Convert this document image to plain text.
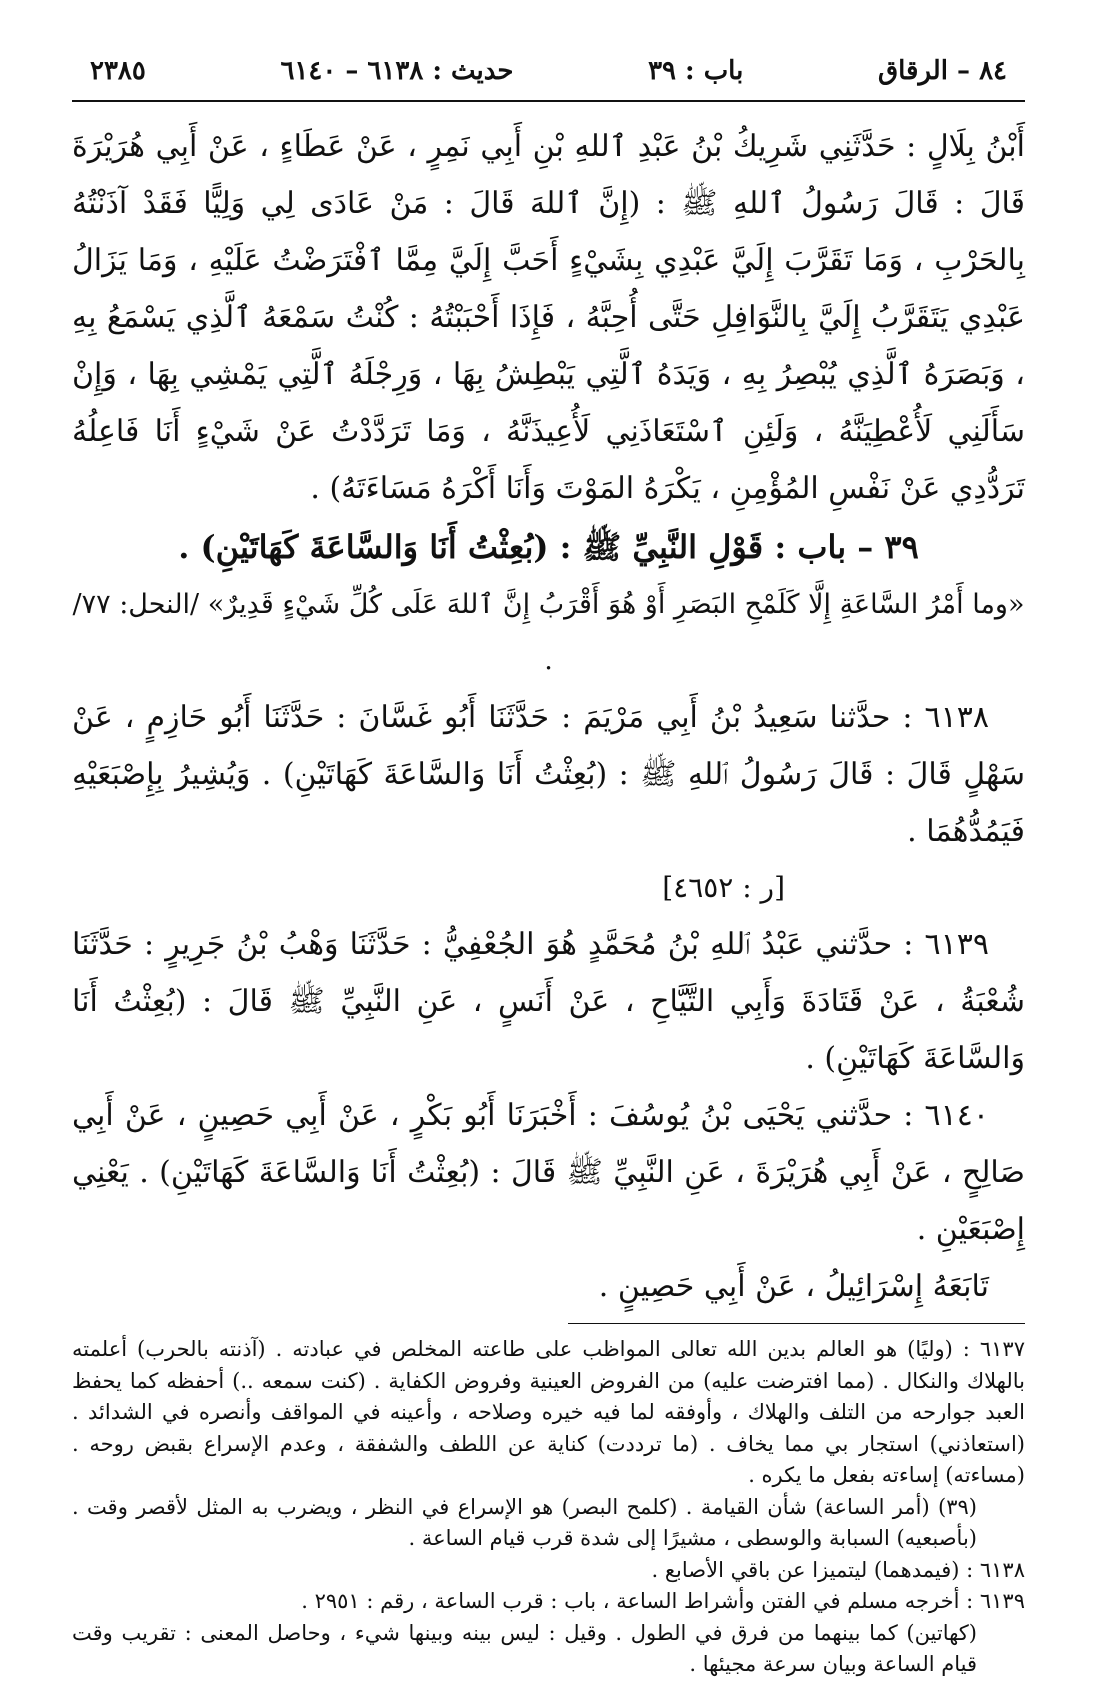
٨٤ – الرقاق
باب : ٣٩
حديث : ٦١٣٨ – ٦١٤٠
٢٣٨٥

أَبْنُ بِلَالٍ : حَدَّثَنِي شَرِيكُ بْنُ عَبْدِ ٱللهِ بْنِ أَبِي نَمِرٍ ، عَنْ عَطَاءٍ ، عَنْ أَبِي هُرَيْرَةَ قَالَ : قَالَ رَسُولُ ٱللهِ ﷺ : (إِنَّ ٱللهَ قَالَ : مَنْ عَادَى لِي وَلِيًّا فَقَدْ آذَنْتُهُ بِالحَرْبِ ، وَمَا تَقَرَّبَ إِلَيَّ عَبْدِي بِشَيْءٍ أَحَبَّ إِلَيَّ مِمَّا ٱفْتَرَضْتُ عَلَيْهِ ، وَمَا يَزَالُ عَبْدِي يَتَقَرَّبُ إِلَيَّ بِالنَّوَافِلِ حَتَّى أُحِبَّهُ ، فَإِذَا أَحْبَبْتُهُ : كُنْتُ سَمْعَهُ ٱلَّذِي يَسْمَعُ بِهِ ، وَبَصَرَهُ ٱلَّذِي يُبْصِرُ بِهِ ، وَيَدَهُ ٱلَّتِي يَبْطِشُ بِهَا ، وَرِجْلَهُ ٱلَّتِي يَمْشِي بِهَا ، وَإِنْ سَأَلَنِي لَأُعْطِيَنَّهُ ، وَلَئِنِ ٱسْتَعَاذَنِي لَأُعِيذَنَّهُ ، وَمَا تَرَدَّدْتُ عَنْ شَيْءٍ أَنَا فَاعِلُهُ تَرَدُّدِي عَنْ نَفْسِ المُؤْمِنِ ، يَكْرَهُ المَوْتَ وَأَنَا أَكْرَهُ مَسَاءَتَهُ) .

٣٩ – باب : قَوْلِ النَّبِيِّ ﷺ : (بُعِثْتُ أَنَا وَالسَّاعَةَ كَهَاتَيْنِ) .

«وما أَمْرُ السَّاعَةِ إِلَّا كَلَمْحِ البَصَرِ أَوْ هُوَ أَقْرَبُ إِنَّ ٱللهَ عَلَى كُلِّ شَيْءٍ قَدِيرٌ» /النحل: ٧٧/ .

٦١٣٨ : حدَّثنا سَعِيدُ بْنُ أَبِي مَرْيَمَ : حَدَّثَنَا أَبُو غَسَّانَ : حَدَّثَنَا أَبُو حَازِمٍ ، عَنْ سَهْلٍ قَالَ : قَالَ رَسُولُ ٱللهِ ﷺ : (بُعِثْتُ أَنَا وَالسَّاعَةَ كَهَاتَيْنِ) . وَيُشِيرُ بِإِصْبَعَيْهِ فَيَمُدُّهُمَا .

[ر : ٤٦٥٢]

٦١٣٩ : حدَّثني عَبْدُ ٱللهِ بْنُ مُحَمَّدٍ هُوَ الجُعْفِيُّ : حَدَّثَنَا وَهْبُ بْنُ جَرِيرٍ : حَدَّثَنَا شُعْبَةُ ، عَنْ قَتَادَةَ وَأَبِي التَّيَّاحِ ، عَنْ أَنَسٍ ، عَنِ النَّبِيِّ ﷺ قَالَ : (بُعِثْتُ أَنَا وَالسَّاعَةَ كَهَاتَيْنِ) .

٦١٤٠ : حدَّثني يَحْيَى بْنُ يُوسُفَ : أَخْبَرَنَا أَبُو بَكْرٍ ، عَنْ أَبِي حَصِينٍ ، عَنْ أَبِي صَالِحٍ ، عَنْ أَبِي هُرَيْرَةَ ، عَنِ النَّبِيِّ ﷺ قَالَ : (بُعِثْتُ أَنَا وَالسَّاعَةَ كَهَاتَيْنِ) . يَعْنِي إِصْبَعَيْنِ .

تَابَعَهُ إِسْرَائِيلُ ، عَنْ أَبِي حَصِينٍ .

٦١٣٧ : (وليًا) هو العالم بدين الله تعالى المواظب على طاعته المخلص في عبادته . (آذنته بالحرب) أعلمته بالهلاك والنكال . (مما افترضت عليه) من الفروض العينية وفروض الكفاية . (كنت سمعه ..) أحفظه كما يحفظ العبد جوارحه من التلف والهلاك ، وأوفقه لما فيه خيره وصلاحه ، وأعينه في المواقف وأنصره في الشدائد . (استعاذني) استجار بي مما يخاف . (ما ترددت) كناية عن اللطف والشفقة ، وعدم الإسراع بقبض روحه . (مساءته) إساءته بفعل ما يكره .

(٣٩) (أمر الساعة) شأن القيامة . (كلمح البصر) هو الإسراع في النظر ، ويضرب به المثل لأقصر وقت . (بأصبعيه) السبابة والوسطى ، مشيرًا إلى شدة قرب قيام الساعة .

٦١٣٨ : (فيمدهما) ليتميزا عن باقي الأصابع .

٦١٣٩ : أخرجه مسلم في الفتن وأشراط الساعة ، باب : قرب الساعة ، رقم : ٢٩٥١ .

(كهاتين) كما بينهما من فرق في الطول . وقيل : ليس بينه وبينها شيء ، وحاصل المعنى : تقريب وقت قيام الساعة وبيان سرعة مجيئها .
